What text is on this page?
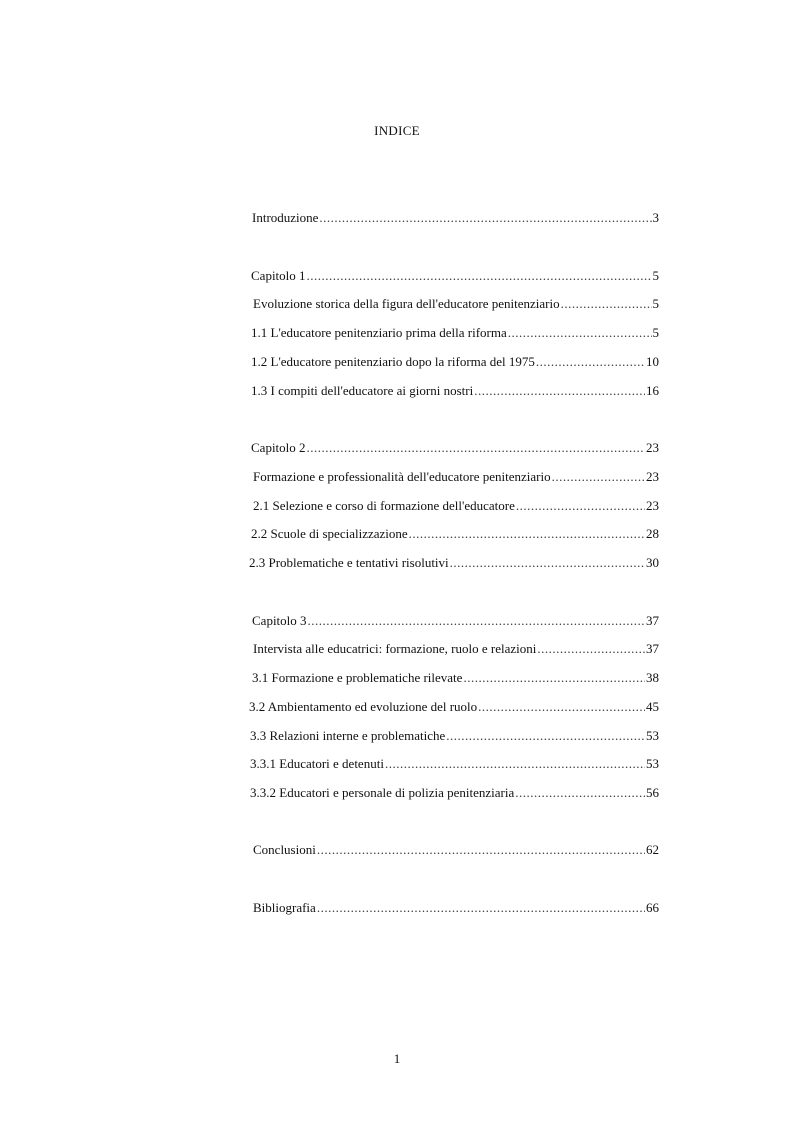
INDICE
Introduzione .....	3
Capitolo 1 .....	5
Evoluzione storica della figura dell'educatore penitenziario .....	5
1.1 L'educatore penitenziario prima della riforma .....	5
1.2 L'educatore penitenziario dopo la riforma del 1975 .....	10
1.3 I compiti dell'educatore ai giorni nostri .....	16
Capitolo 2 .....	23
Formazione e professionalità dell'educatore penitenziario .....	23
2.1 Selezione e corso di formazione dell'educatore .....	23
2.2 Scuole di specializzazione .....	28
2.3 Problematiche e tentativi risolutivi .....	30
Capitolo 3 .....	37
Intervista alle educatrici: formazione, ruolo e relazioni .....	37
3.1 Formazione e problematiche rilevate .....	38
3.2 Ambientamento ed evoluzione del ruolo .....	45
3.3 Relazioni interne e problematiche .....	53
3.3.1 Educatori e detenuti .....	53
3.3.2 Educatori e personale di polizia penitenziaria .....	56
Conclusioni .....	62
Bibliografia .....	66
1
